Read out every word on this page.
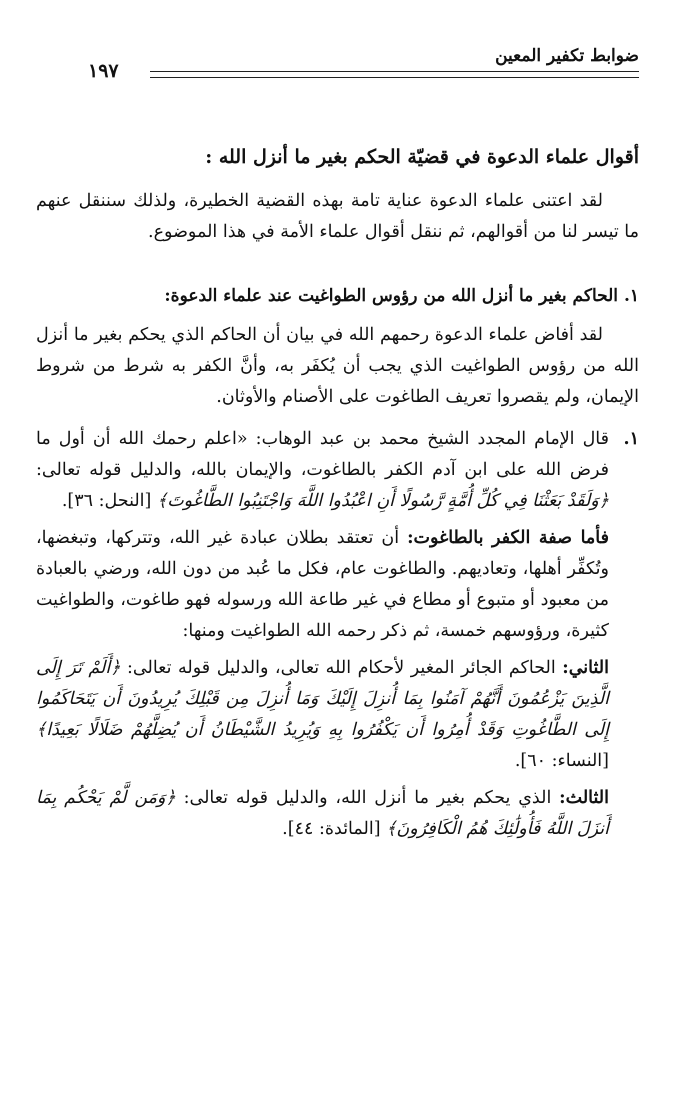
ضوابط تكفير المعين
١٩٧
أقوال علماء الدعوة في قضيّة الحكم بغير ما أنزل الله :

لقد اعتنى علماء الدعوة عناية تامة بهذه القضية الخطيرة، ولذلك سننقل عنهم ما تيسر لنا من أقوالهم، ثم ننقل أقوال علماء الأمة في هذا الموضوع.

١. الحاكم بغير ما أنزل الله من رؤوس الطواغيت عند علماء الدعوة:

لقد أفاض علماء الدعوة رحمهم الله في بيان أن الحاكم الذي يحكم بغير ما أنزل الله من رؤوس الطواغيت الذي يجب أن يُكفَر به، وأنَّ الكفر به شرط من شروط الإيمان، ولم يقصروا تعريف الطاغوت على الأصنام والأوثان.

١.

قال الإمام المجدد الشيخ محمد بن عبد الوهاب: «اعلم رحمك الله أن أول ما فرض الله على ابن آدم الكفر بالطاغوت، والإيمان بالله، والدليل قوله تعالى: ﴿وَلَقَدْ بَعَثْنَا فِي كُلِّ أُمَّةٍ رَّسُولًا أَنِ اعْبُدُوا اللَّهَ وَاجْتَنِبُوا الطَّاغُوتَ﴾ [النحل: ٣٦].

فأما صفة الكفر بالطاغوت: أن تعتقد بطلان عبادة غير الله، وتتركها، وتبغضها، وتُكفِّر أهلها، وتعاديهم. والطاغوت عام، فكل ما عُبد من دون الله، ورضي بالعبادة من معبود أو متبوع أو مطاع في غير طاعة الله ورسوله فهو طاغوت، والطواغيت كثيرة، ورؤوسهم خمسة، ثم ذكر رحمه الله الطواغيت ومنها:

الثاني: الحاكم الجائر المغير لأحكام الله تعالى، والدليل قوله تعالى: ﴿أَلَمْ تَرَ إِلَى الَّذِينَ يَزْعُمُونَ أَنَّهُمْ آمَنُوا بِمَا أُنزِلَ إِلَيْكَ وَمَا أُنزِلَ مِن قَبْلِكَ يُرِيدُونَ أَن يَتَحَاكَمُوا إِلَى الطَّاغُوتِ وَقَدْ أُمِرُوا أَن يَكْفُرُوا بِهِ وَيُرِيدُ الشَّيْطَانُ أَن يُضِلَّهُمْ ضَلَالًا بَعِيدًا﴾ [النساء: ٦٠].

الثالث: الذي يحكم بغير ما أنزل الله، والدليل قوله تعالى: ﴿وَمَن لَّمْ يَحْكُم بِمَا أَنزَلَ اللَّهُ فَأُولَٰئِكَ هُمُ الْكَافِرُونَ﴾ [المائدة: ٤٤].
